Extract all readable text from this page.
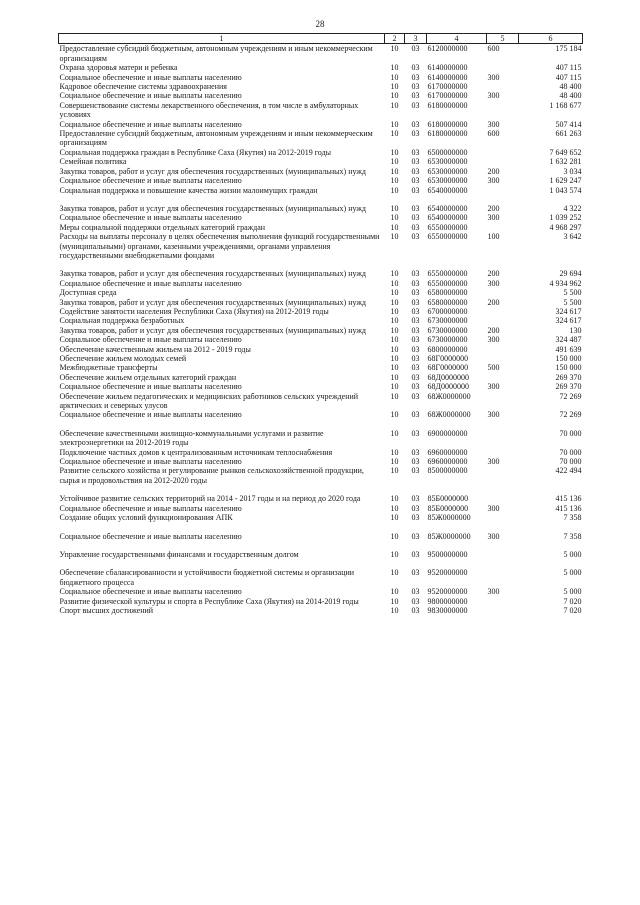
28
1	2	3	4	5	6
Предоставление субсидий бюджетным, автономным учреждениям и иным некоммерческим организациям	10	03	6120000000	600	175 184
Охрана здоровья матери и ребенка	10	03	6140000000		407 115
Социальное обеспечение и иные выплаты населению	10	03	6140000000	300	407 115
Кадровое обеспечение системы здравоохранения	10	03	6170000000		48 400
Социальное обеспечение и иные выплаты населению	10	03	6170000000	300	48 400
Совершенствование системы лекарственного обеспечения, в том числе в амбулаторных условиях	10	03	6180000000		1 168 677
Социальное обеспечение и иные выплаты населению	10	03	6180000000	300	507 414
Предоставление субсидий бюджетным, автономным учреждениям и иным некоммерческим организациям	10	03	6180000000	600	661 263
Социальная поддержка граждан в Республике Саха (Якутия) на 2012-2019 годы	10	03	6500000000		7 649 652
Семейная политика	10	03	6530000000		1 632 281
Закупка товаров, работ и услуг для обеспечения государственных (муниципальных) нужд	10	03	6530000000	200	3 034
Социальное обеспечение и иные выплаты населению	10	03	6530000000	300	1 629 247
Социальная поддержка и повышение качества жизни малоимущих граждан	10	03	6540000000		1 043 574

Закупка товаров, работ и услуг для обеспечения государственных (муниципальных) нужд	10	03	6540000000	200	4 322
Социальное обеспечение и иные выплаты населению	10	03	6540000000	300	1 039 252
Меры социальной поддержки отдельных категорий граждан	10	03	6550000000		4 968 297
Расходы на выплаты персоналу в целях обеспечения выполнения функций государственными (муниципальными) органами, казенными учреждениями, органами управления государственными внебюджетными фондами	10	03	6550000000	100	3 642

Закупка товаров, работ и услуг для обеспечения государственных (муниципальных) нужд	10	03	6550000000	200	29 694
Социальное обеспечение и иные выплаты населению	10	03	6550000000	300	4 934 962
Доступная среда	10	03	6580000000		5 500
Закупка товаров, работ и услуг для обеспечения государственных (муниципальных) нужд	10	03	6580000000	200	5 500
Содействие занятости населения Республики Саха (Якутия) на 2012-2019 годы	10	03	6700000000		324 617
Социальная поддержка безработных	10	03	6730000000		324 617
Закупка товаров, работ и услуг для обеспечения государственных (муниципальных) нужд	10	03	6730000000	200	130
Социальное обеспечение и иные выплаты населению	10	03	6730000000	300	324 487
Обеспечение качественным жильем на 2012 - 2019 годы	10	03	6800000000		491 639
Обеспечение жильем молодых семей	10	03	68Г0000000		150 000
Межбюджетные трансферты	10	03	68Г0000000	500	150 000
Обеспечение жильем отдельных категорий граждан	10	03	68Д0000000		269 370
Социальное обеспечение и иные выплаты населению	10	03	68Д0000000	300	269 370
Обеспечение жильем педагогических и медицинских работников сельских учреждений арктических и северных улусов	10	03	68Ж0000000		72 269
Социальное обеспечение и иные выплаты населению	10	03	68Ж0000000	300	72 269

Обеспечение качественными жилищно-коммунальными услугами и развитие электроэнергетики на 2012-2019 годы	10	03	6900000000		70 000
Подключение частных домов к централизованным источникам теплоснабжения	10	03	6960000000		70 000
Социальное обеспечение и иные выплаты населению	10	03	6960000000	300	70 000
Развитие сельского хозяйства и регулирование рынков сельскохозяйственной продукции, сырья и продовольствия на 2012-2020 годы	10	03	8500000000		422 494

Устойчивое развитие сельских территорий на 2014 - 2017 годы и на период до 2020 года	10	03	85Б0000000		415 136
Социальное обеспечение и иные выплаты населению	10	03	85Б0000000	300	415 136
Создание общих условий функционирования АПК	10	03	85Ж0000000		7 358

Социальное обеспечение и иные выплаты населению	10	03	85Ж0000000	300	7 358

Управление государственными финансами и государственным долгом	10	03	9500000000		5 000

Обеспечение сбалансированности и устойчивости бюджетной системы и организации бюджетного процесса	10	03	9520000000		5 000
Социальное обеспечение и иные выплаты населению	10	03	9520000000	300	5 000
Развитие физической культуры и спорта в Республике Саха (Якутия) на 2014-2019 годы	10	03	9800000000		7 020
Спорт высших достижений	10	03	9830000000		7 020
